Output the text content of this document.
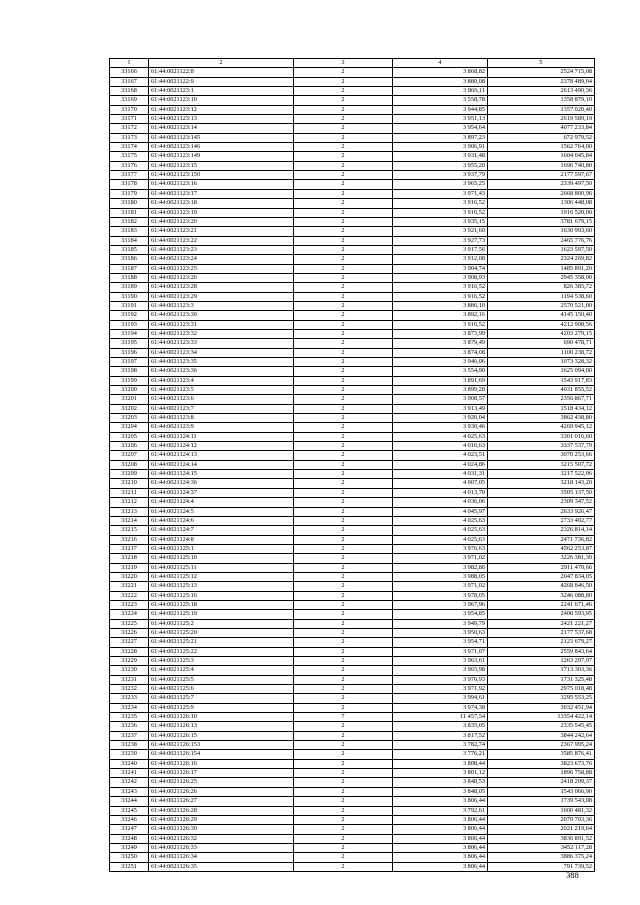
1	2	3	4	5
33166	61:44:0021122:8	2	3 868,82	2524 715,08
33167	61:44:0021122:9	2	3 880,08	2378 489,04
33168	61:44:0021123:1	2	3 866,11	2613 490,36
33169	61:44:0021123:10	2	3 558,78	1358 879,10
33170	61:44:0021123:12	2	3 944,85	1357 020,40
33171	61:44:0021123:13	2	3 951,13	2619 589,19
33172	61:44:0021123:14	2	3 954,64	4077 233,84
33173	61:44:0021123:145	2	3 897,23	672 979,52
33174	61:44:0021123:146	2	3 906,91	1562 764,00
33175	61:44:0021123:149	2	3 931,48	1604 045,84
33176	61:44:0021123:15	2	3 955,20	1696 740,80
33177	61:44:0021123:150	2	3 937,79	2177 597,67
33178	61:44:0021123:16	2	3 965,25	2339 497,50
33179	61:44:0021123:17	2	3 971,43	2668 800,96
33180	61:44:0021123:18	2	3 916,52	1306 448,08
33181	61:44:0021123:19	2	3 916,52	1916 520,00
33182	61:44:0021123:20	2	3 935,15	3781 679,15
33183	61:44:0021123:21	2	3 921,60	1630 993,60
33184	61:44:0021123:22	2	3 927,73	2465 776,76
33185	61:44:0021123:23	2	3 917,56	1623 597,50
33186	61:44:0021123:24	2	3 912,08	2324 269,82
33187	61:44:0021123:25	2	3 904,74	1485 891,20
33188	61:44:0021123:26	2	3 908,93	2945 358,00
33189	61:44:0021123:28	2	3 916,52	826 385,72
33190	61:44:0021123:29	2	3 916,52	1194 538,60
33191	61:44:0021123:3	2	3 886,10	2570 521,00
33192	61:44:0021123:30	2	3 892,16	4145 150,40
33193	61:44:0021123:31	2	3 916,52	4212 908,56
33194	61:44:0021123:32	2	3 873,99	4203 279,15
33195	61:44:0021123:33	2	3 879,49	690 478,71
33196	61:44:0021123:34	2	3 874,08	1100 238,72
33197	61:44:0021123:35	2	3 946,06	1073 328,32
33198	61:44:0021123:36	2	3 554,90	1625 094,00
33199	61:44:0021123:4	2	3 891,69	1543 917,83
33200	61:44:0021123:5	2	3 899,28	4031 855,52
33201	61:44:0021123:6	2	3 908,57	2356 867,71
33202	61:44:0021123:7	2	3 913,49	1518 434,12
33203	61:44:0021123:8	2	3 920,04	3862 438,80
33204	61:44:0021123:9	2	3 930,46	4269 945,12
33205	61:44:0021124:11	2	4 025,63	3301 016,60
33206	61:44:0021124:12	2	4 016,63	3337 537,79
33207	61:44:0021124:13	2	4 023,51	3070 253,66
33208	61:44:0021124:14	2	4 024,86	3215 507,72
33209	61:44:0021124:15	2	4 031,31	3217 522,06
33210	61:44:0021124:36	2	4 007,05	3218 143,20
33211	61:44:0021124:37	2	4 013,70	3505 137,50
33212	61:44:0021124:4	2	4 036,06	2309 347,52
33213	61:44:0021124:5	2	4 045,97	2633 926,47
33214	61:44:0021124:6	2	4 025,63	2733 402,77
33215	61:44:0021124:7	2	4 025,63	2326 814,14
33216	61:44:0021124:8	2	4 025,63	2471 736,82
33217	61:44:0021125:1	2	3 976,63	4562 253,87
33218	61:44:0021125:10	2	3 971,02	3226 381,30
33219	61:44:0021125:11	2	3 982,86	2911 470,66
33220	61:44:0021125:12	2	3 988,05	2047 834,05
33221	61:44:0021125:13	2	3 971,02	4268 846,50
33222	61:44:0021125:16	2	3 978,05	3246 088,80
33223	61:44:0021125:18	2	3 967,96	2241 671,46
33224	61:44:0021125:19	2	3 954,85	2400 593,95
33225	61:44:0021125:2	2	3 949,79	2421 221,27
33226	61:44:0021125:20	2	3 950,63	2177 537,68
33227	61:44:0021125:21	2	3 954,71	2123 679,27
33228	61:44:0021125:22	2	3 971,07	2559 843,64
33229	61:44:0021125:3	2	3 963,61	1263 297,97
33230	61:44:0021125:4	2	3 965,98	1713 303,36
33231	61:44:0021125:5	2	3 970,93	1731 325,48
33232	61:44:0021125:6	2	3 971,92	2975 018,48
33233	61:44:0021125:7	2	3 994,61	3295 553,25
33234	61:44:0021125:9	2	3 974,38	3032 451,94
33235	61:44:0021126:10	7	11 457,54	13354 422,14
33236	61:44:0021126:13	2	3 835,05	2335 545,45
33237	61:44:0021126:15	2	3 817,52	3844 242,64
33238	61:44:0021126:153	2	3 782,74	2367 995,24
33239	61:44:0021126:154	2	3 776,21	3585 876,41
33240	61:44:0021126:16	2	3 808,44	3823 673,76
33241	61:44:0021126:17	2	3 801,12	1896 758,88
33242	61:44:0021126:25	2	3 848,53	2418 209,37
33243	61:44:0021126:26	2	3 848,05	1543 066,90
33244	61:44:0021126:27	2	3 806,44	1739 543,08
33245	61:44:0021126:28	2	3 792,61	1600 481,32
33246	61:44:0021126:29	2	3 806,44	2070 703,36
33247	61:44:0021126:30	2	3 806,44	2021 219,64
33248	61:44:0021126:32	2	3 806,44	3836 891,52
33249	61:44:0021126:33	2	3 806,44	3452 117,28
33250	61:44:0021126:34	2	3 806,44	3886 375,24
33251	61:44:0021126:35	2	3 806,44	791 739,52
388
